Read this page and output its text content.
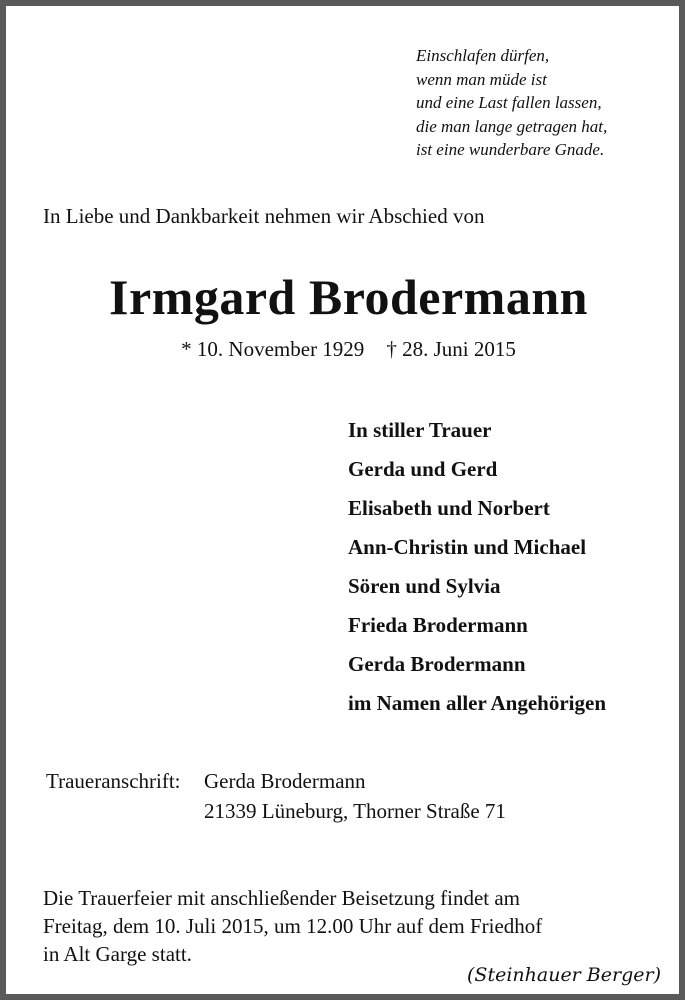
Einschlafen dürfen,
wenn man müde ist
und eine Last fallen lassen,
die man lange getragen hat,
ist eine wunderbare Gnade.
In Liebe und Dankbarkeit nehmen wir Abschied von
Irmgard Brodermann
* 10. November 1929 † 28. Juni 2015
In stiller Trauer
Gerda und Gerd
Elisabeth und Norbert
Ann-Christin und Michael
Sören und Sylvia
Frieda Brodermann
Gerda Brodermann
im Namen aller Angehörigen
Traueranschrift: Gerda Brodermann
21339 Lüneburg, Thorner Straße 71
Die Trauerfeier mit anschließender Beisetzung findet am
Freitag, dem 10. Juli 2015, um 12.00 Uhr auf dem Friedhof
in Alt Garge statt.
(Steinhauer Berger)
